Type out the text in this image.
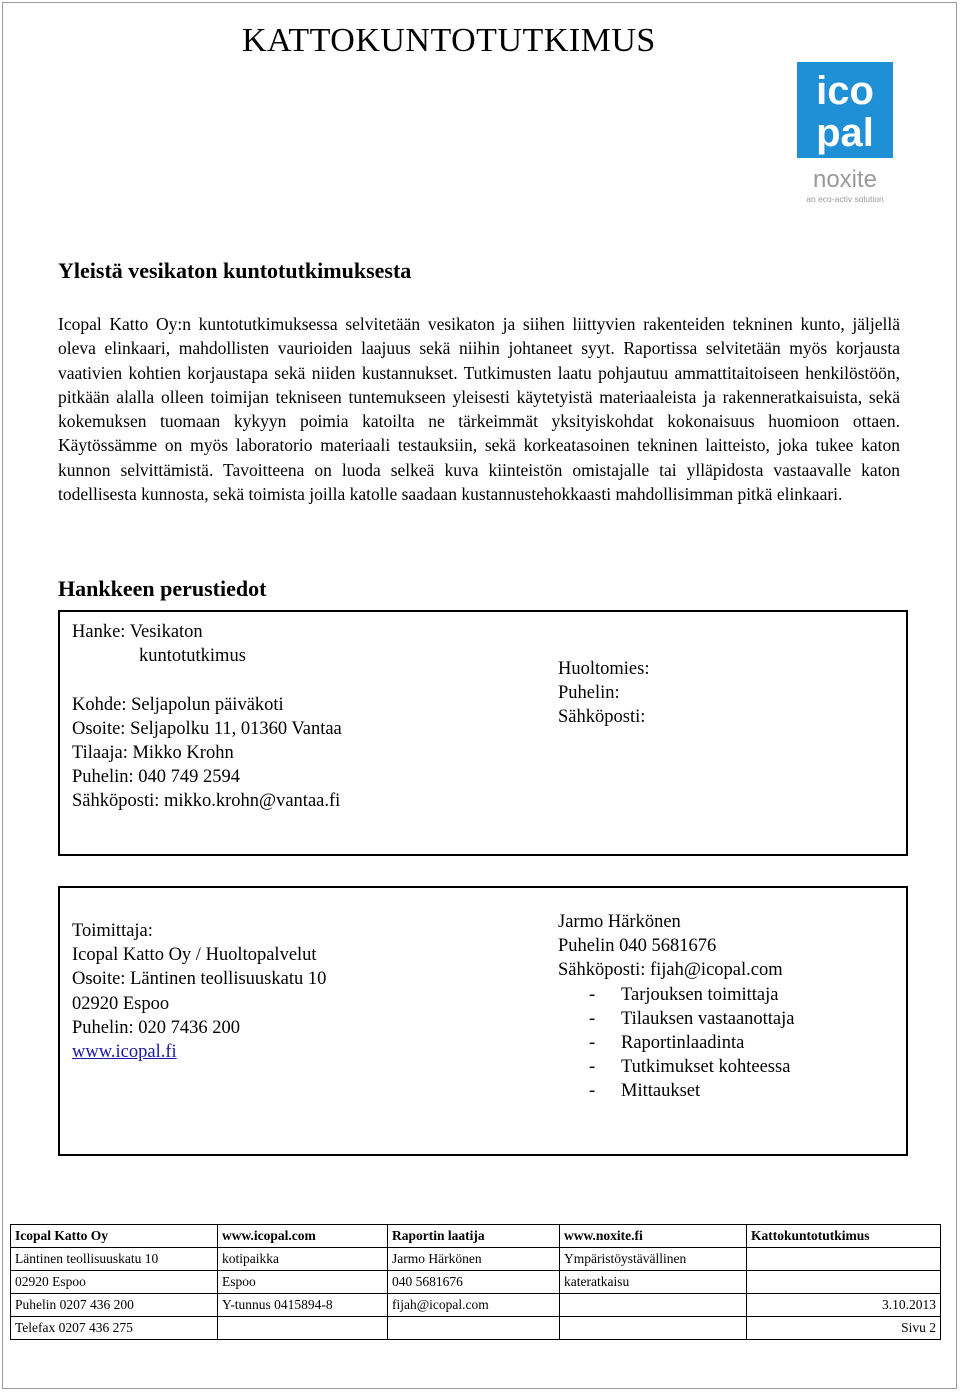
KATTOKUNTOTUTKIMUS
ico
pal
noxite
an eco-activ solution
Yleistä vesikaton kuntotutkimuksesta

Icopal Katto Oy:n kuntotutkimuksessa selvitetään vesikaton ja siihen liittyvien rakenteiden tekninen kunto, jäljellä oleva elinkaari, mahdollisten vaurioiden laajuus sekä niihin johtaneet syyt. Raportissa selvitetään myös korjausta vaativien kohtien korjaustapa sekä niiden kustannukset. Tutkimusten laatu pohjautuu ammattitaitoiseen henkilöstöön, pitkään alalla olleen toimijan tekniseen tuntemukseen yleisesti käytetyistä materiaaleista ja rakenneratkaisuista, sekä kokemuksen tuomaan kykyyn poimia katoilta ne tärkeimmät yksityiskohdat kokonaisuus huomioon ottaen. Käytössämme on myös laboratorio materiaali testauksiin, sekä korkeatasoinen tekninen laitteisto, joka tukee katon kunnon selvittämistä. Tavoitteena on luoda selkeä kuva kiinteistön omistajalle tai ylläpidosta vastaavalle katon todellisesta kunnosta, sekä toimista joilla katolle saadaan kustannustehokkaasti mahdollisimman pitkä elinkaari.

Hankkeen perustiedot
Hanke: Vesikaton
kuntotutkimus

Kohde: Seljapolun päiväkoti
Osoite: Seljapolku 11, 01360 Vantaa
Tilaaja: Mikko Krohn
Puhelin: 040 749 2594
Sähköposti: mikko.krohn@vantaa.fi
Huoltomies:
Puhelin:
Sähköposti:
Toimittaja:
Icopal Katto Oy / Huoltopalvelut
Osoite: Läntinen teollisuuskatu 10
02920 Espoo
Puhelin: 020 7436 200
www.icopal.fi
Jarmo Härkönen
Puhelin 040 5681676
Sähköposti: fijah@icopal.com
- Tarjouksen toimittaja
- Tilauksen vastaanottaja
- Raportinlaadinta
- Tutkimukset kohteessa
- Mittaukset
Icopal Katto Oy	www.icopal.com	Raportin laatija	www.noxite.fi	Kattokuntotutkimus
Läntinen teollisuuskatu 10	kotipaikka	Jarmo Härkönen	Ympäristöystävällinen	
02920 Espoo	Espoo	040 5681676	kateratkaisu	
Puhelin 0207 436 200	Y-tunnus 0415894-8	fijah@icopal.com		3.10.2013
Telefax 0207 436 275				Sivu 2
